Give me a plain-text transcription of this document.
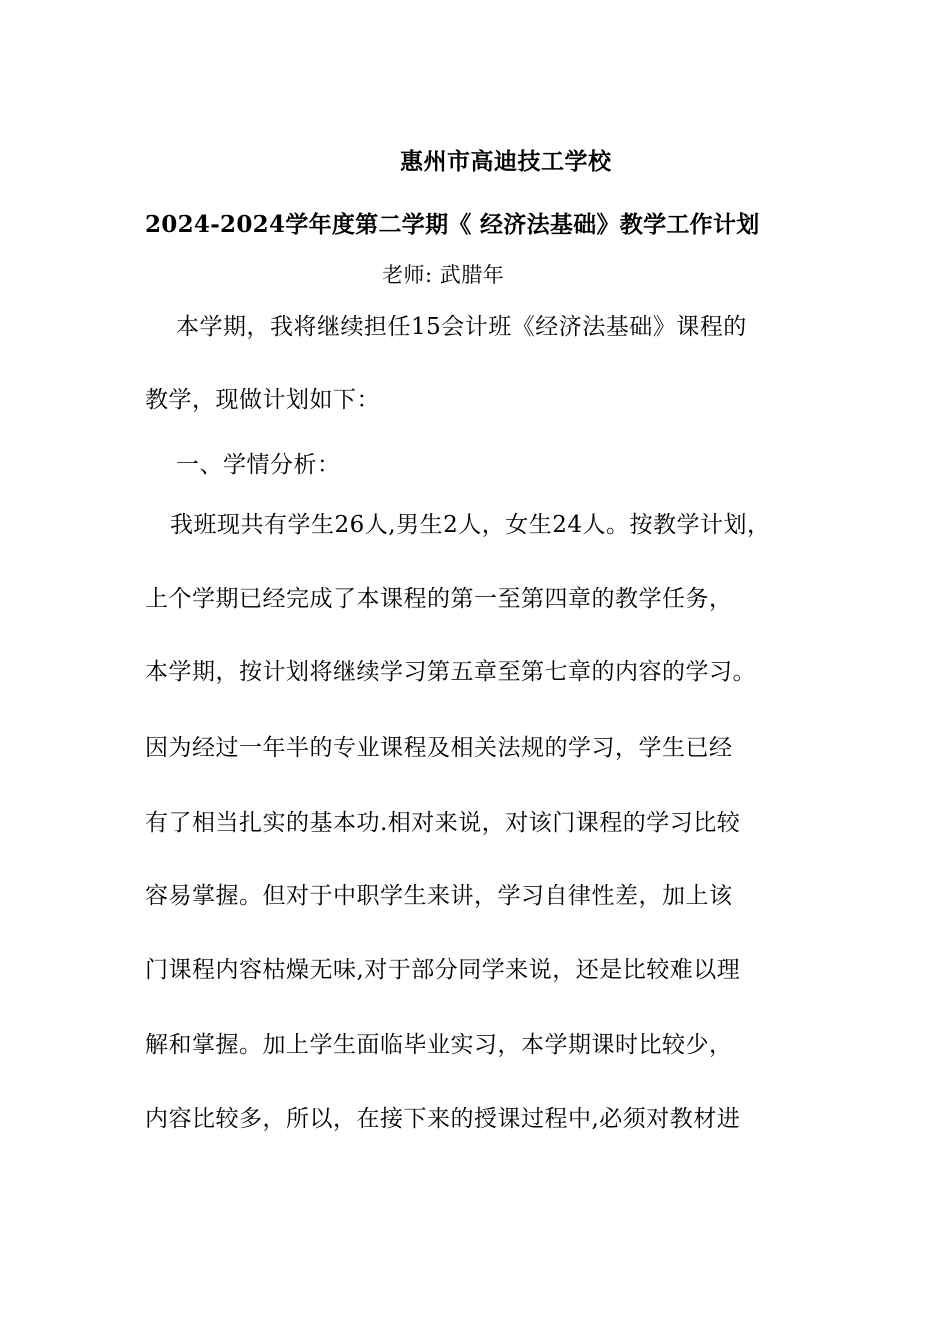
惠州市高迪技工学校
2024-2024学年度第二学期《 经济法基础》教学工作计划
老师: 武腊年
本学期，我将继续担任15会计班《经济法基础》课程的
教学，现做计划如下：
一、学情分析：
我班现共有学生26人,男生2人，女生24人。按教学计划，
上个学期已经完成了本课程的第一至第四章的教学任务，
本学期，按计划将继续学习第五章至第七章的内容的学习。
因为经过一年半的专业课程及相关法规的学习，学生已经
有了相当扎实的基本功.相对来说，对该门课程的学习比较
容易掌握。但对于中职学生来讲，学习自律性差，加上该
门课程内容枯燥无味,对于部分同学来说，还是比较难以理
解和掌握。加上学生面临毕业实习，本学期课时比较少，
内容比较多，所以，在接下来的授课过程中,必须对教材进
